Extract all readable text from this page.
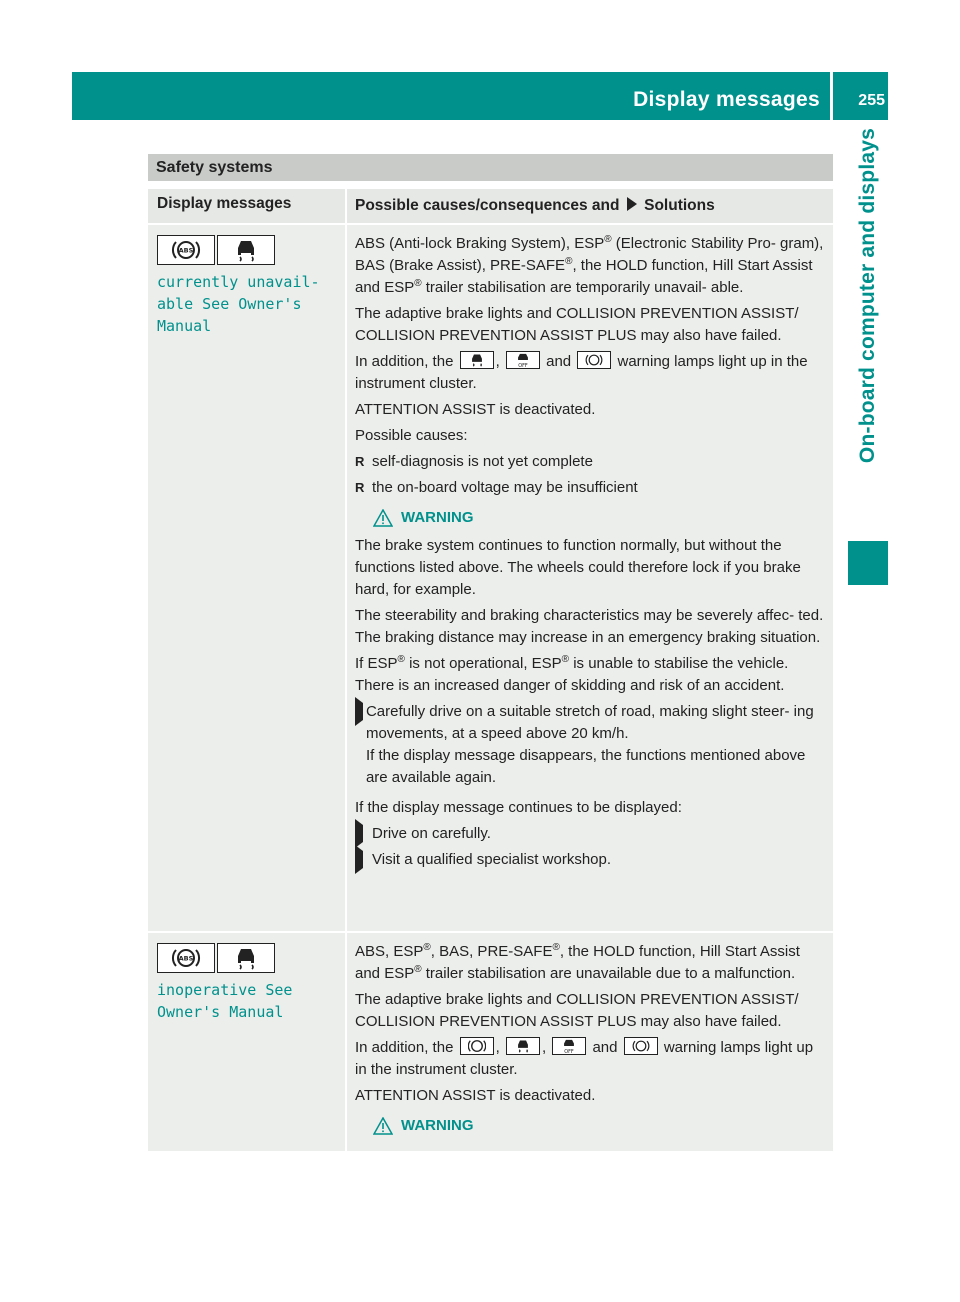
Display messages 255
On-board computer and displays
Safety systems
Display messages	Possible causes/consequences and Solutions
ABS
currently unavail‑ able See Owner's Manual

ABS (Anti-lock Braking System), ESP® (Electronic Stability Pro- gram), BAS (Brake Assist), PRE-SAFE®, the HOLD function, Hill Start Assist and ESP® trailer stabilisation are temporarily unavail- able.

The adaptive brake lights and COLLISION PREVENTION ASSIST/ COLLISION PREVENTION ASSIST PLUS may also have failed.

In addition, the	, OFF and	warning lamps light up in the instrument cluster.

ATTENTION ASSIST is deactivated.

Possible causes:

R self-diagnosis is not yet complete
R the on-board voltage may be insufficient
WARNING

The brake system continues to function normally, but without the functions listed above. The wheels could therefore lock if you brake hard, for example.

The steerability and braking characteristics may be severely affec- ted. The braking distance may increase in an emergency braking situation.

If ESP® is not operational, ESP® is unable to stabilise the vehicle. There is an increased danger of skidding and risk of an accident.

Carefully drive on a suitable stretch of road, making slight steer- ing movements, at a speed above 20 km/h.
If the display message disappears, the functions mentioned above are available again.

If the display message continues to be displayed:

Drive on carefully.
Visit a qualified specialist workshop.
ABS
inoperative See Owner's Manual

ABS, ESP®, BAS, PRE-SAFE®, the HOLD function, Hill Start Assist and ESP® trailer stabilisation are unavailable due to a malfunction.

The adaptive brake lights and COLLISION PREVENTION ASSIST/ COLLISION PREVENTION ASSIST PLUS may also have failed.

In addition, the	,	, OFF and	warning lamps light up in the instrument cluster.

ATTENTION ASSIST is deactivated.

WARNING
